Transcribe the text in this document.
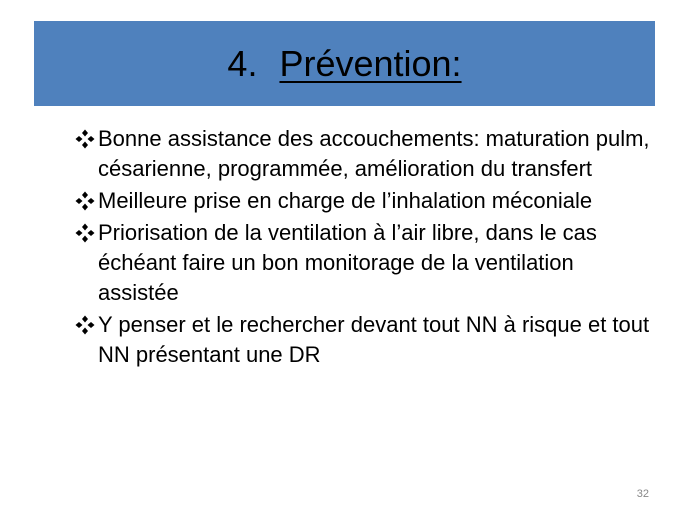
4. Prévention:
Bonne assistance des accouchements: maturation pulm, césarienne, programmée, amélioration du transfert
Meilleure prise en charge de l’inhalation méconiale
Priorisation de la ventilation à l’air libre, dans le cas échéant faire un bon monitorage de la ventilation assistée
Y penser et le rechercher devant tout NN à risque et tout NN présentant une DR
32
